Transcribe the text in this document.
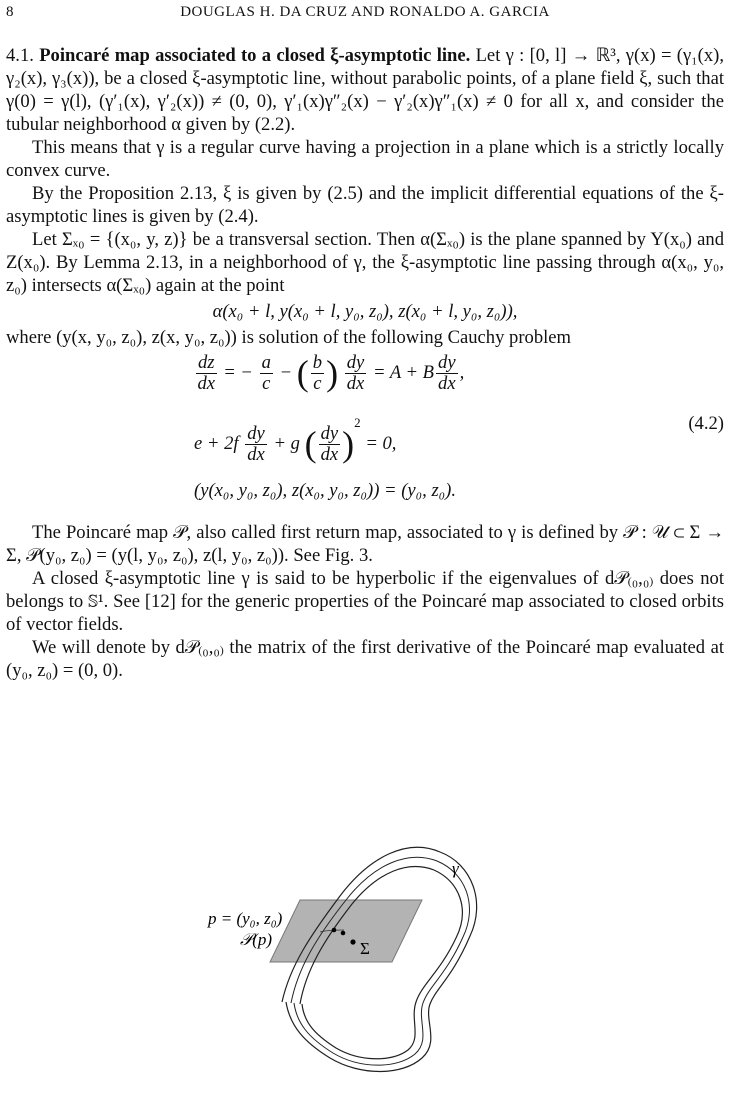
8	DOUGLAS H. DA CRUZ AND RONALDO A. GARCIA

4.1. Poincaré map associated to a closed ξ-asymptotic line. Let γ : [0, l] → ℝ³, γ(x) = (γ₁(x), γ₂(x), γ₃(x)), be a closed ξ-asymptotic line, without parabolic points, of a plane field ξ, such that γ(0) = γ(l), (γ′₁(x), γ′₂(x)) ≠ (0, 0), γ′₁(x)γ″₂(x) − γ′₂(x)γ″₁(x) ≠ 0 for all x, and consider the tubular neighborhood α given by (2.2).

This means that γ is a regular curve having a projection in a plane which is a strictly locally convex curve.

By the Proposition 2.13, ξ is given by (2.5) and the implicit differential equations of the ξ-asymptotic lines is given by (2.4).

Let Σₓ₀ = {(x₀, y, z)} be a transversal section. Then α(Σₓ₀) is the plane spanned by Y(x₀) and Z(x₀). By Lemma 2.13, in a neighborhood of γ, the ξ-asymptotic line passing through α(x₀, y₀, z₀) intersects α(Σₓ₀) again at the point

α(x₀ + l, y(x₀ + l, y₀, z₀), z(x₀ + l, y₀, z₀)),

where (y(x, y₀, z₀), z(x, y₀, z₀)) is solution of the following Cauchy problem

$\frac{dz}{dx}$ = − $\frac{a}{c}$ − ( $\frac{b}{c}$ ) $\frac{dy}{dx} = A + B \frac{dy}{dx}$ ,
$e + 2f \frac{dy}{dx} + g$ ( $\frac{dy}{dx} )^2 = 0$,
(y(x₀, y₀, z₀), z(x₀, y₀, z₀)) = (y₀, z₀).
(4.2)

The Poincaré map 𝒫, also called first return map, associated to γ is defined by 𝒫 : 𝒰 ⊂ Σ → Σ, 𝒫(y₀, z₀) = (y(l, y₀, z₀), z(l, y₀, z₀)). See Fig. 3.

A closed ξ-asymptotic line γ is said to be hyperbolic if the eigenvalues of d𝒫₍₀,₀₎ does not belongs to 𝕊¹. See [12] for the generic properties of the Poincaré map associated to closed orbits of vector fields.

We will denote by d𝒫₍₀,₀₎ the matrix of the first derivative of the Poincaré map evaluated at (y₀, z₀) = (0, 0).

p = (y₀, z₀)
𝒫(p)	Σ
γ
